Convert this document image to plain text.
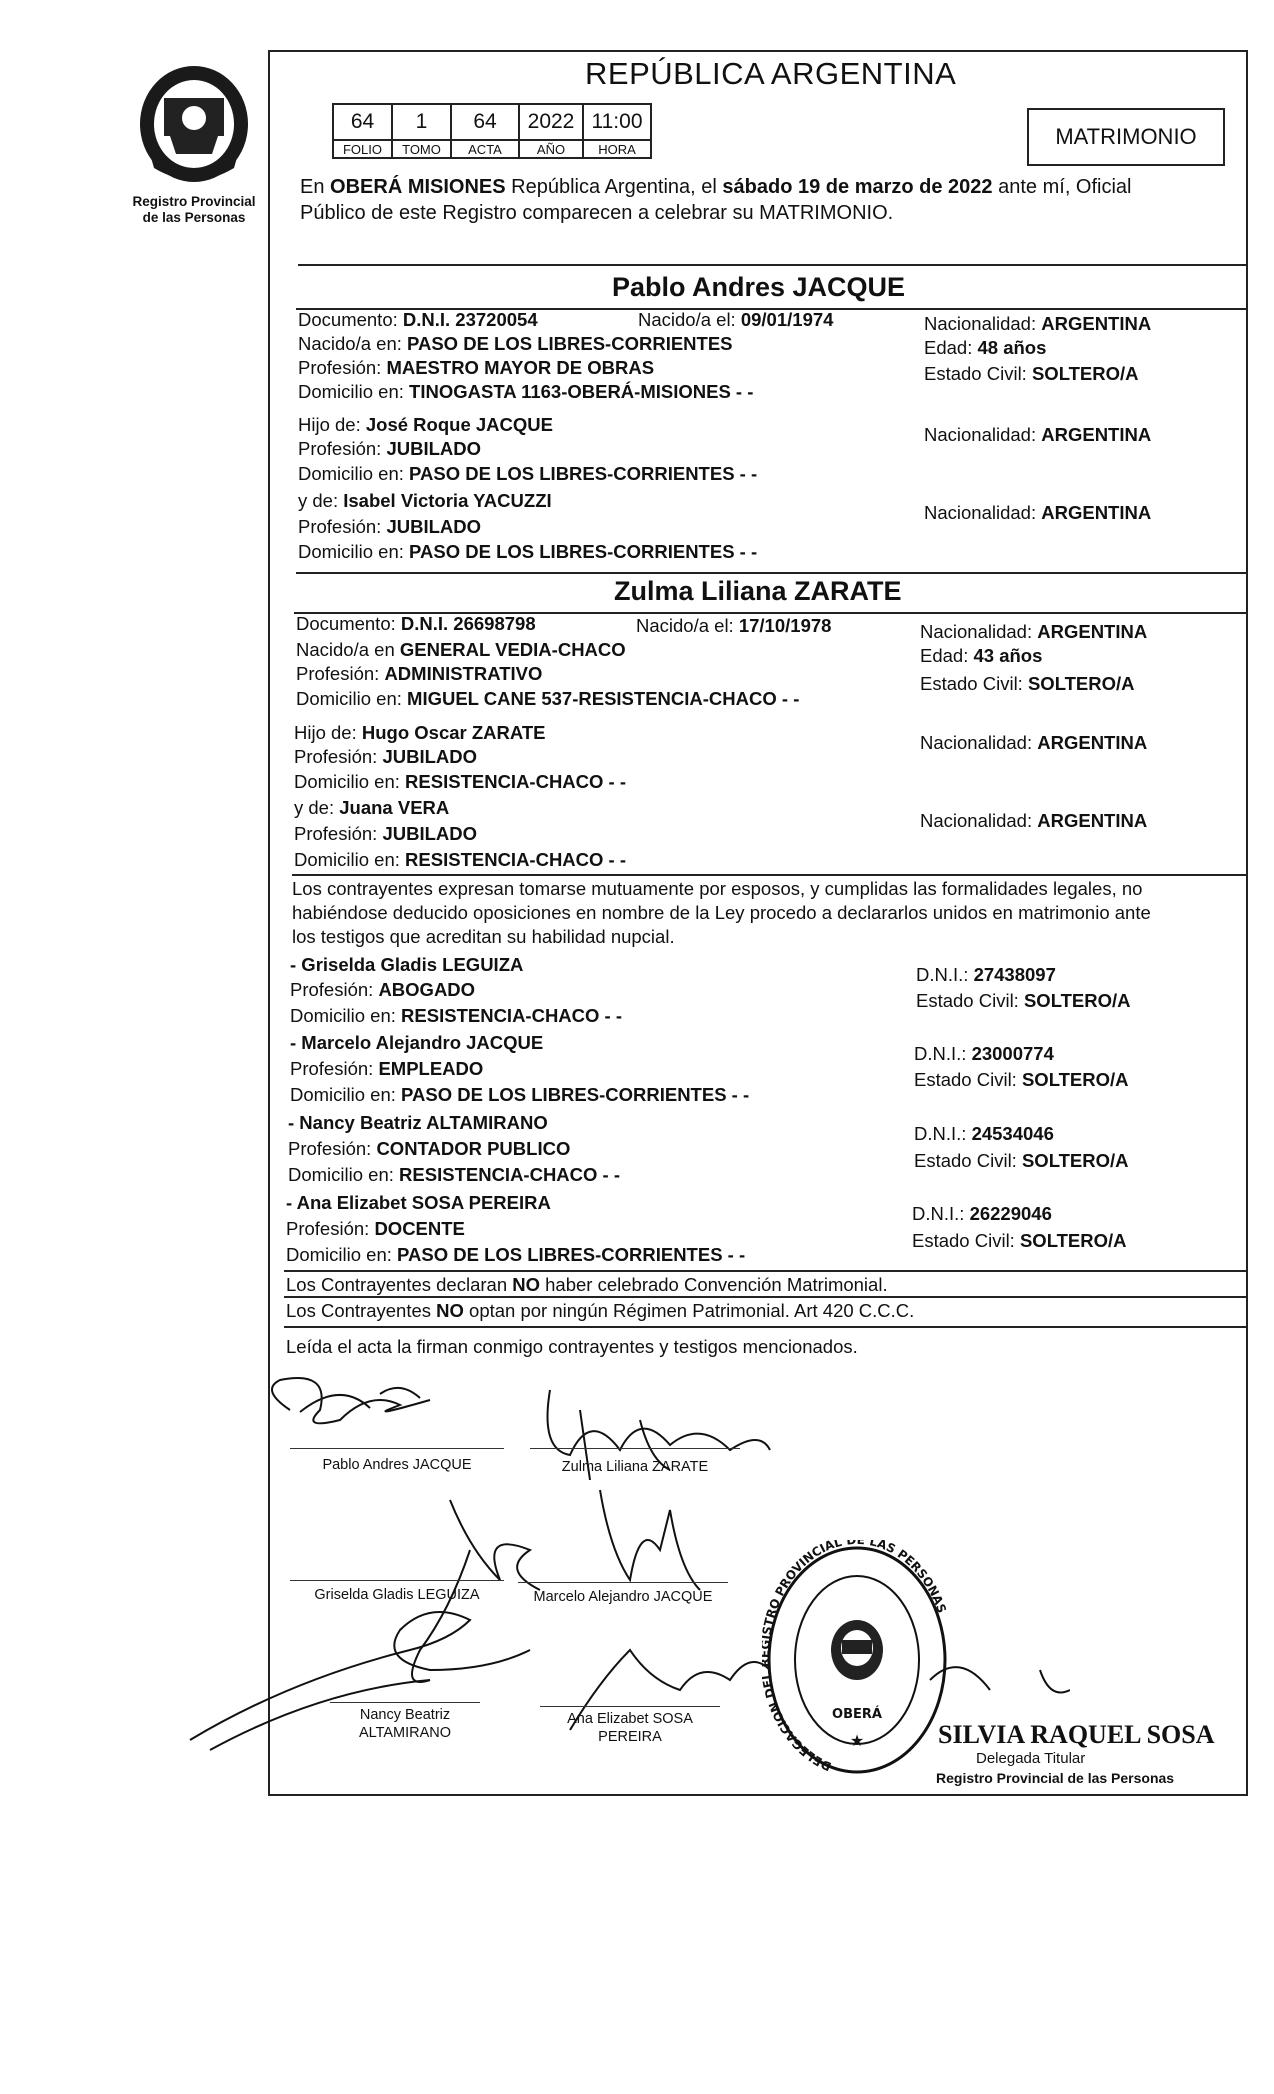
Registro Provincial
de las Personas
REPÚBLICA ARGENTINA
64	1	64	2022	11:00
FOLIO	TOMO	ACTA	AÑO	HORA	MATRIMONIO
En OBERÁ MISIONES República Argentina, el sábado 19 de marzo de 2022 ante mí, Oficial
Público de este Registro comparecen a celebrar su MATRIMONIO.
Pablo Andres JACQUE
Documento: D.N.I. 23720054	Nacido/a el: 09/01/1974
Nacido/a en: PASO DE LOS LIBRES-CORRIENTES
Profesión: MAESTRO MAYOR DE OBRAS
Domicilio en: TINOGASTA 1163-OBERÁ-MISIONES - -
Nacionalidad: ARGENTINA
Edad: 48 años
Estado Civil: SOLTERO/A
Hijo de: José Roque JACQUE
Profesión: JUBILADO
Domicilio en: PASO DE LOS LIBRES-CORRIENTES - -
Nacionalidad: ARGENTINA
y de: Isabel Victoria YACUZZI
Profesión: JUBILADO
Domicilio en: PASO DE LOS LIBRES-CORRIENTES - -
Nacionalidad: ARGENTINA
Zulma Liliana ZARATE
Documento: D.N.I. 26698798	Nacido/a el: 17/10/1978
Nacido/a en GENERAL VEDIA-CHACO
Profesión: ADMINISTRATIVO
Domicilio en: MIGUEL CANE 537-RESISTENCIA-CHACO - -
Nacionalidad: ARGENTINA
Edad: 43 años
Estado Civil: SOLTERO/A
Hijo de: Hugo Oscar ZARATE
Profesión: JUBILADO
Domicilio en: RESISTENCIA-CHACO - -
Nacionalidad: ARGENTINA
y de: Juana VERA
Profesión: JUBILADO
Domicilio en: RESISTENCIA-CHACO - -
Nacionalidad: ARGENTINA
Los contrayentes expresan tomarse mutuamente por esposos, y cumplidas las formalidades legales, no
habiéndose deducido oposiciones en nombre de la Ley procedo a declararlos unidos en matrimonio ante
los testigos que acreditan su habilidad nupcial.
- Griselda Gladis LEGUIZA
Profesión: ABOGADO
Domicilio en: RESISTENCIA-CHACO - -
D.N.I.: 27438097
Estado Civil: SOLTERO/A
- Marcelo Alejandro JACQUE
Profesión: EMPLEADO
Domicilio en: PASO DE LOS LIBRES-CORRIENTES - -
D.N.I.: 23000774
Estado Civil: SOLTERO/A
- Nancy Beatriz ALTAMIRANO
Profesión: CONTADOR PUBLICO
Domicilio en: RESISTENCIA-CHACO - -
D.N.I.: 24534046
Estado Civil: SOLTERO/A
- Ana Elizabet SOSA PEREIRA
Profesión: DOCENTE
Domicilio en: PASO DE LOS LIBRES-CORRIENTES - -
D.N.I.: 26229046
Estado Civil: SOLTERO/A
Los Contrayentes declaran NO haber celebrado Convención Matrimonial.
Los Contrayentes NO optan por ningún Régimen Patrimonial. Art 420 C.C.C.
Leída el acta la firman conmigo contrayentes y testigos mencionados.
Pablo Andres JACQUE	Zulma Liliana ZARATE
Griselda Gladis LEGUIZA	Marcelo Alejandro JACQUE
Nancy Beatriz
ALTAMIRANO
Ana Elizabet SOSA
PEREIRA
DELEGACION D TRO PROVINCIAL DE LAS PERSONAS
OBERÁ
★	SILVIA RAQUEL SOSA
Delegada Titular
Registro Provincial de las Personas
